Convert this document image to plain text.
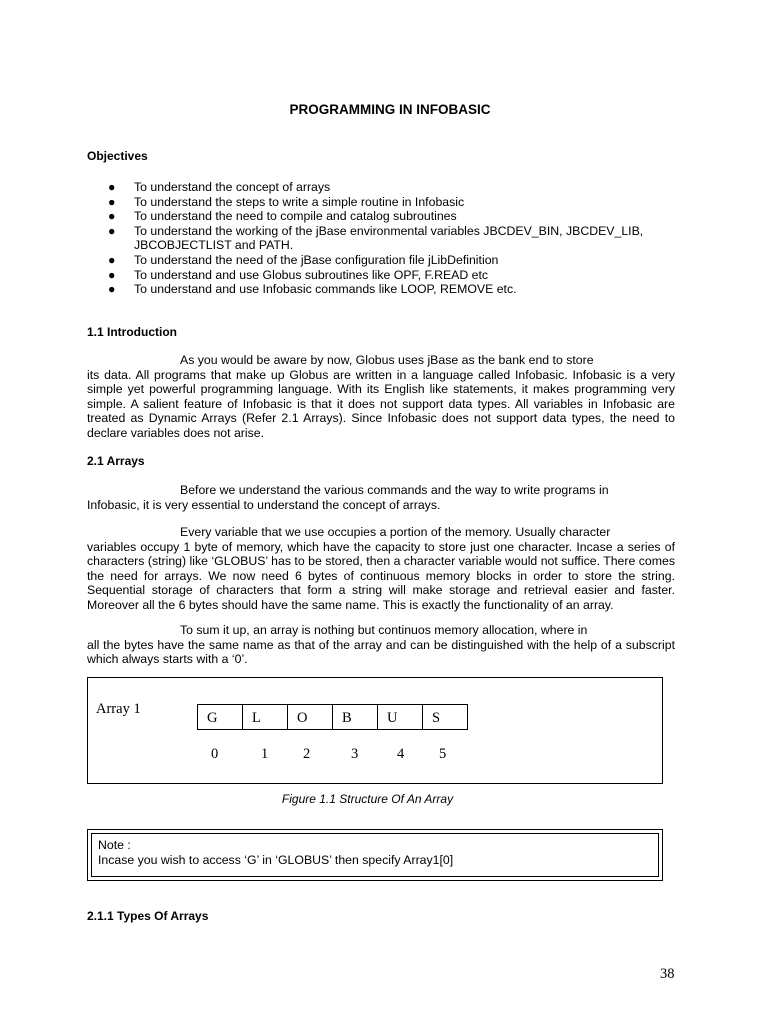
PROGRAMMING IN INFOBASIC
Objectives
● To understand the concept of arrays
● To understand the steps to write a simple routine in Infobasic
● To understand the need to compile and catalog subroutines
● To understand the working of the jBase environmental variables JBCDEV_BIN, JBCDEV_LIB, JBCOBJECTLIST and PATH.
● To understand the need of the jBase configuration file jLibDefinition
● To understand and use Globus subroutines like OPF, F.READ etc
● To understand and use Infobasic commands like LOOP, REMOVE etc.
1.1 Introduction
As you would be aware by now, Globus uses jBase as the bank end to store
its data. All programs that make up Globus are written in a language called Infobasic. Infobasic is a very simple yet powerful programming language. With its English like statements, it makes programming very simple. A salient feature of Infobasic is that it does not support data types. All variables in Infobasic are treated as Dynamic Arrays (Refer 2.1 Arrays). Since Infobasic does not support data types, the need to declare variables does not arise.
2.1 Arrays
Before we understand the various commands and the way to write programs in
Infobasic, it is very essential to understand the concept of arrays.
Every variable that we use occupies a portion of the memory. Usually character
variables occupy 1 byte of memory, which have the capacity to store just one character. Incase a series of characters (string) like ‘GLOBUS’ has to be stored, then a character variable would not suffice. There comes the need for arrays. We now need 6 bytes of continuous memory blocks in order to store the string. Sequential storage of characters that form a string will make storage and retrieval easier and faster. Moreover all the 6 bytes should have the same name. This is exactly the functionality of an array.
To sum it up, an array is nothing but continuos memory allocation, where in
all the bytes have the same name as that of the array and can be distinguished with the help of a subscript which always starts with a ‘0’.
Array 1
G	L	O	B	U	S
0	1 2	3	4 5
Figure 1.1 Structure Of An Array
Note :
Incase you wish to access ‘G’ in ‘GLOBUS’ then specify Array1[0]
2.1.1 Types Of Arrays
38
